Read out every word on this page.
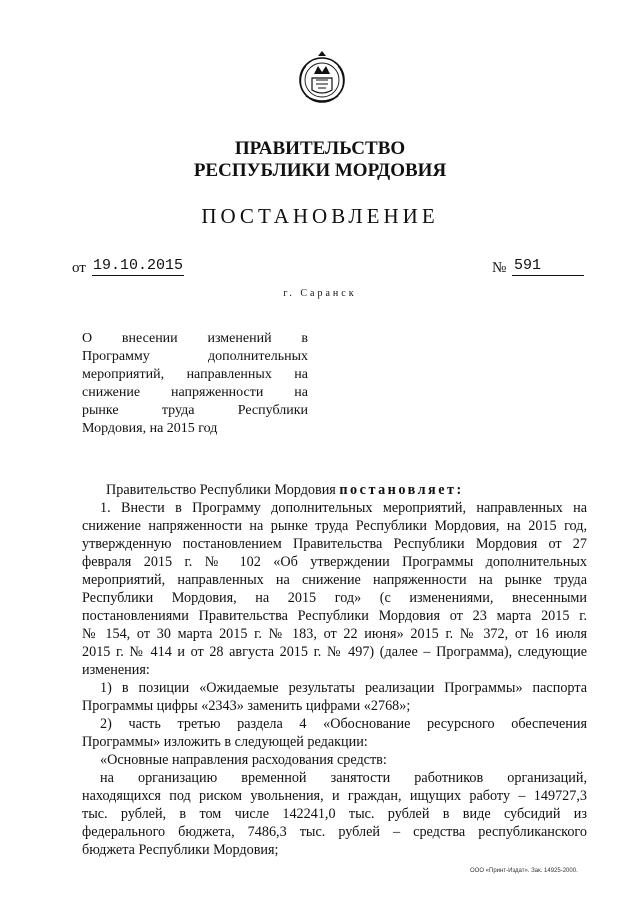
ПРАВИТЕЛЬСТВО
РЕСПУБЛИКИ МОРДОВИЯ
ПОСТАНОВЛЕНИЕ
от 19.10.2015	№ 591
г. Саранск
О внесении изменений в
Программу дополнительных
мероприятий, направленных на
снижение напряженности на
рынке труда Республики
Мордовия, на 2015 год
Правительство Республики Мордовия постановляет:
1. Внести в Программу дополнительных мероприятий, направленных на
снижение напряженности на рынке труда Республики Мордовия, на 2015 год,
утвержденную постановлением Правительства Республики Мордовия от 27
февраля 2015 г. № 102 «Об утверждении Программы дополнительных
мероприятий, направленных на снижение напряженности на рынке труда
Республики Мордовия, на 2015 год» (с изменениями, внесенными
постановлениями Правительства Республики Мордовия от 23 марта 2015 г.
№ 154, от 30 марта 2015 г. № 183, от 22 июня» 2015 г. № 372, от 16 июля
2015 г. № 414 и от 28 августа 2015 г. № 497) (далее – Программа), следующие
изменения:
1) в позиции «Ожидаемые результаты реализации Программы» паспорта
Программы цифры «2343» заменить цифрами «2768»;
2) часть третью раздела 4 «Обоснование ресурсного обеспечения
Программы» изложить в следующей редакции:
«Основные направления расходования средств:
на организацию временной занятости работников организаций,
находящихся под риском увольнения, и граждан, ищущих работу – 149727,3
тыс. рублей, в том числе 142241,0 тыс. рублей в виде субсидий из
федерального бюджета, 7486,3 тыс. рублей – средства республиканского
бюджета Республики Мордовия;
ООО «Принт-Издат». Зак. 14925-2000.
